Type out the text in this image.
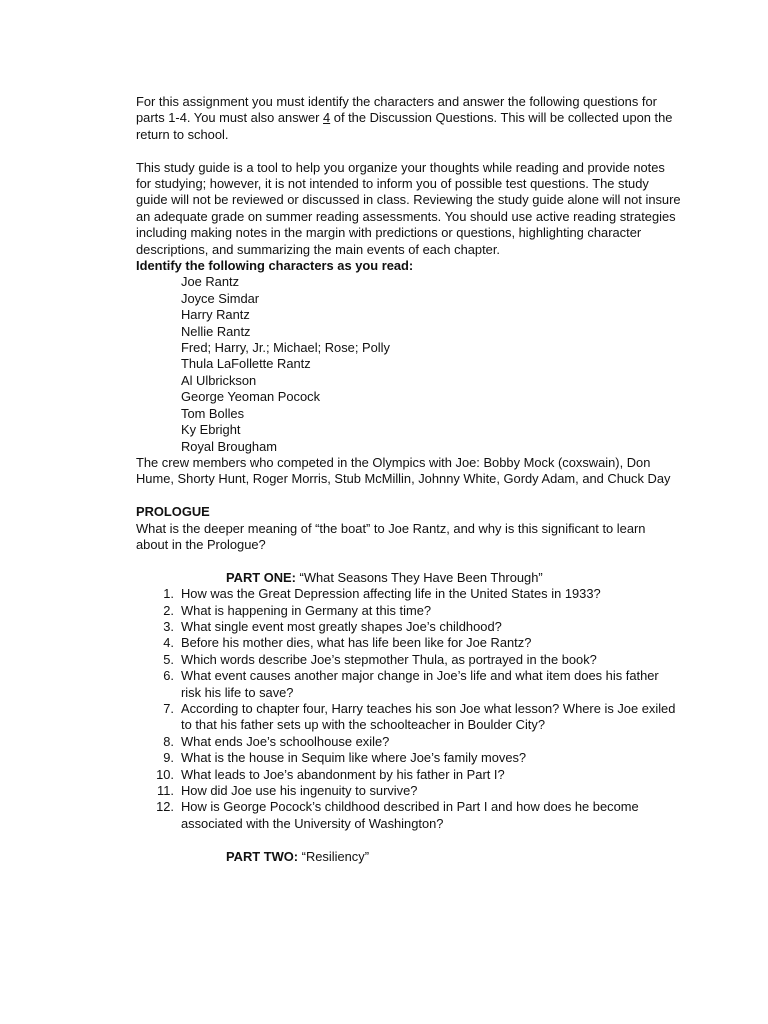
For this assignment you must identify the characters and answer the following questions for parts 1-4. You must also answer 4 of the Discussion Questions. This will be collected upon the return to school.

This study guide is a tool to help you organize your thoughts while reading and provide notes for studying; however, it is not intended to inform you of possible test questions. The study guide will not be reviewed or discussed in class. Reviewing the study guide alone will not insure an adequate grade on summer reading assessments. You should use active reading strategies including making notes in the margin with predictions or questions, highlighting character descriptions, and summarizing the main events of each chapter.

Identify the following characters as you read:

Joe Rantz

Joyce Simdar

Harry Rantz

Nellie Rantz

Fred; Harry, Jr.; Michael; Rose; Polly

Thula LaFollette Rantz

Al Ulbrickson

George Yeoman Pocock

Tom Bolles

Ky Ebright

Royal Brougham

The crew members who competed in the Olympics with Joe: Bobby Mock (coxswain), Don Hume, Shorty Hunt, Roger Morris, Stub McMillin, Johnny White, Gordy Adam, and Chuck Day

PROLOGUE

What is the deeper meaning of “the boat” to Joe Rantz, and why is this significant to learn

about in the Prologue?

PART ONE: “What Seasons They Have Been Through”

1. How was the Great Depression affecting life in the United States in 1933?
2. What is happening in Germany at this time?
3. What single event most greatly shapes Joe’s childhood?
4. Before his mother dies, what has life been like for Joe Rantz?
5. Which words describe Joe’s stepmother Thula, as portrayed in the book?
6. What event causes another major change in Joe’s life and what item does his father risk his life to save?
7. According to chapter four, Harry teaches his son Joe what lesson? Where is Joe exiled to that his father sets up with the schoolteacher in Boulder City?
8. What ends Joe’s schoolhouse exile?
9. What is the house in Sequim like where Joe’s family moves?
10. What leads to Joe’s abandonment by his father in Part I?
11. How did Joe use his ingenuity to survive?
12. How is George Pocock’s childhood described in Part I and how does he become associated with the University of Washington?

PART TWO: “Resiliency”
